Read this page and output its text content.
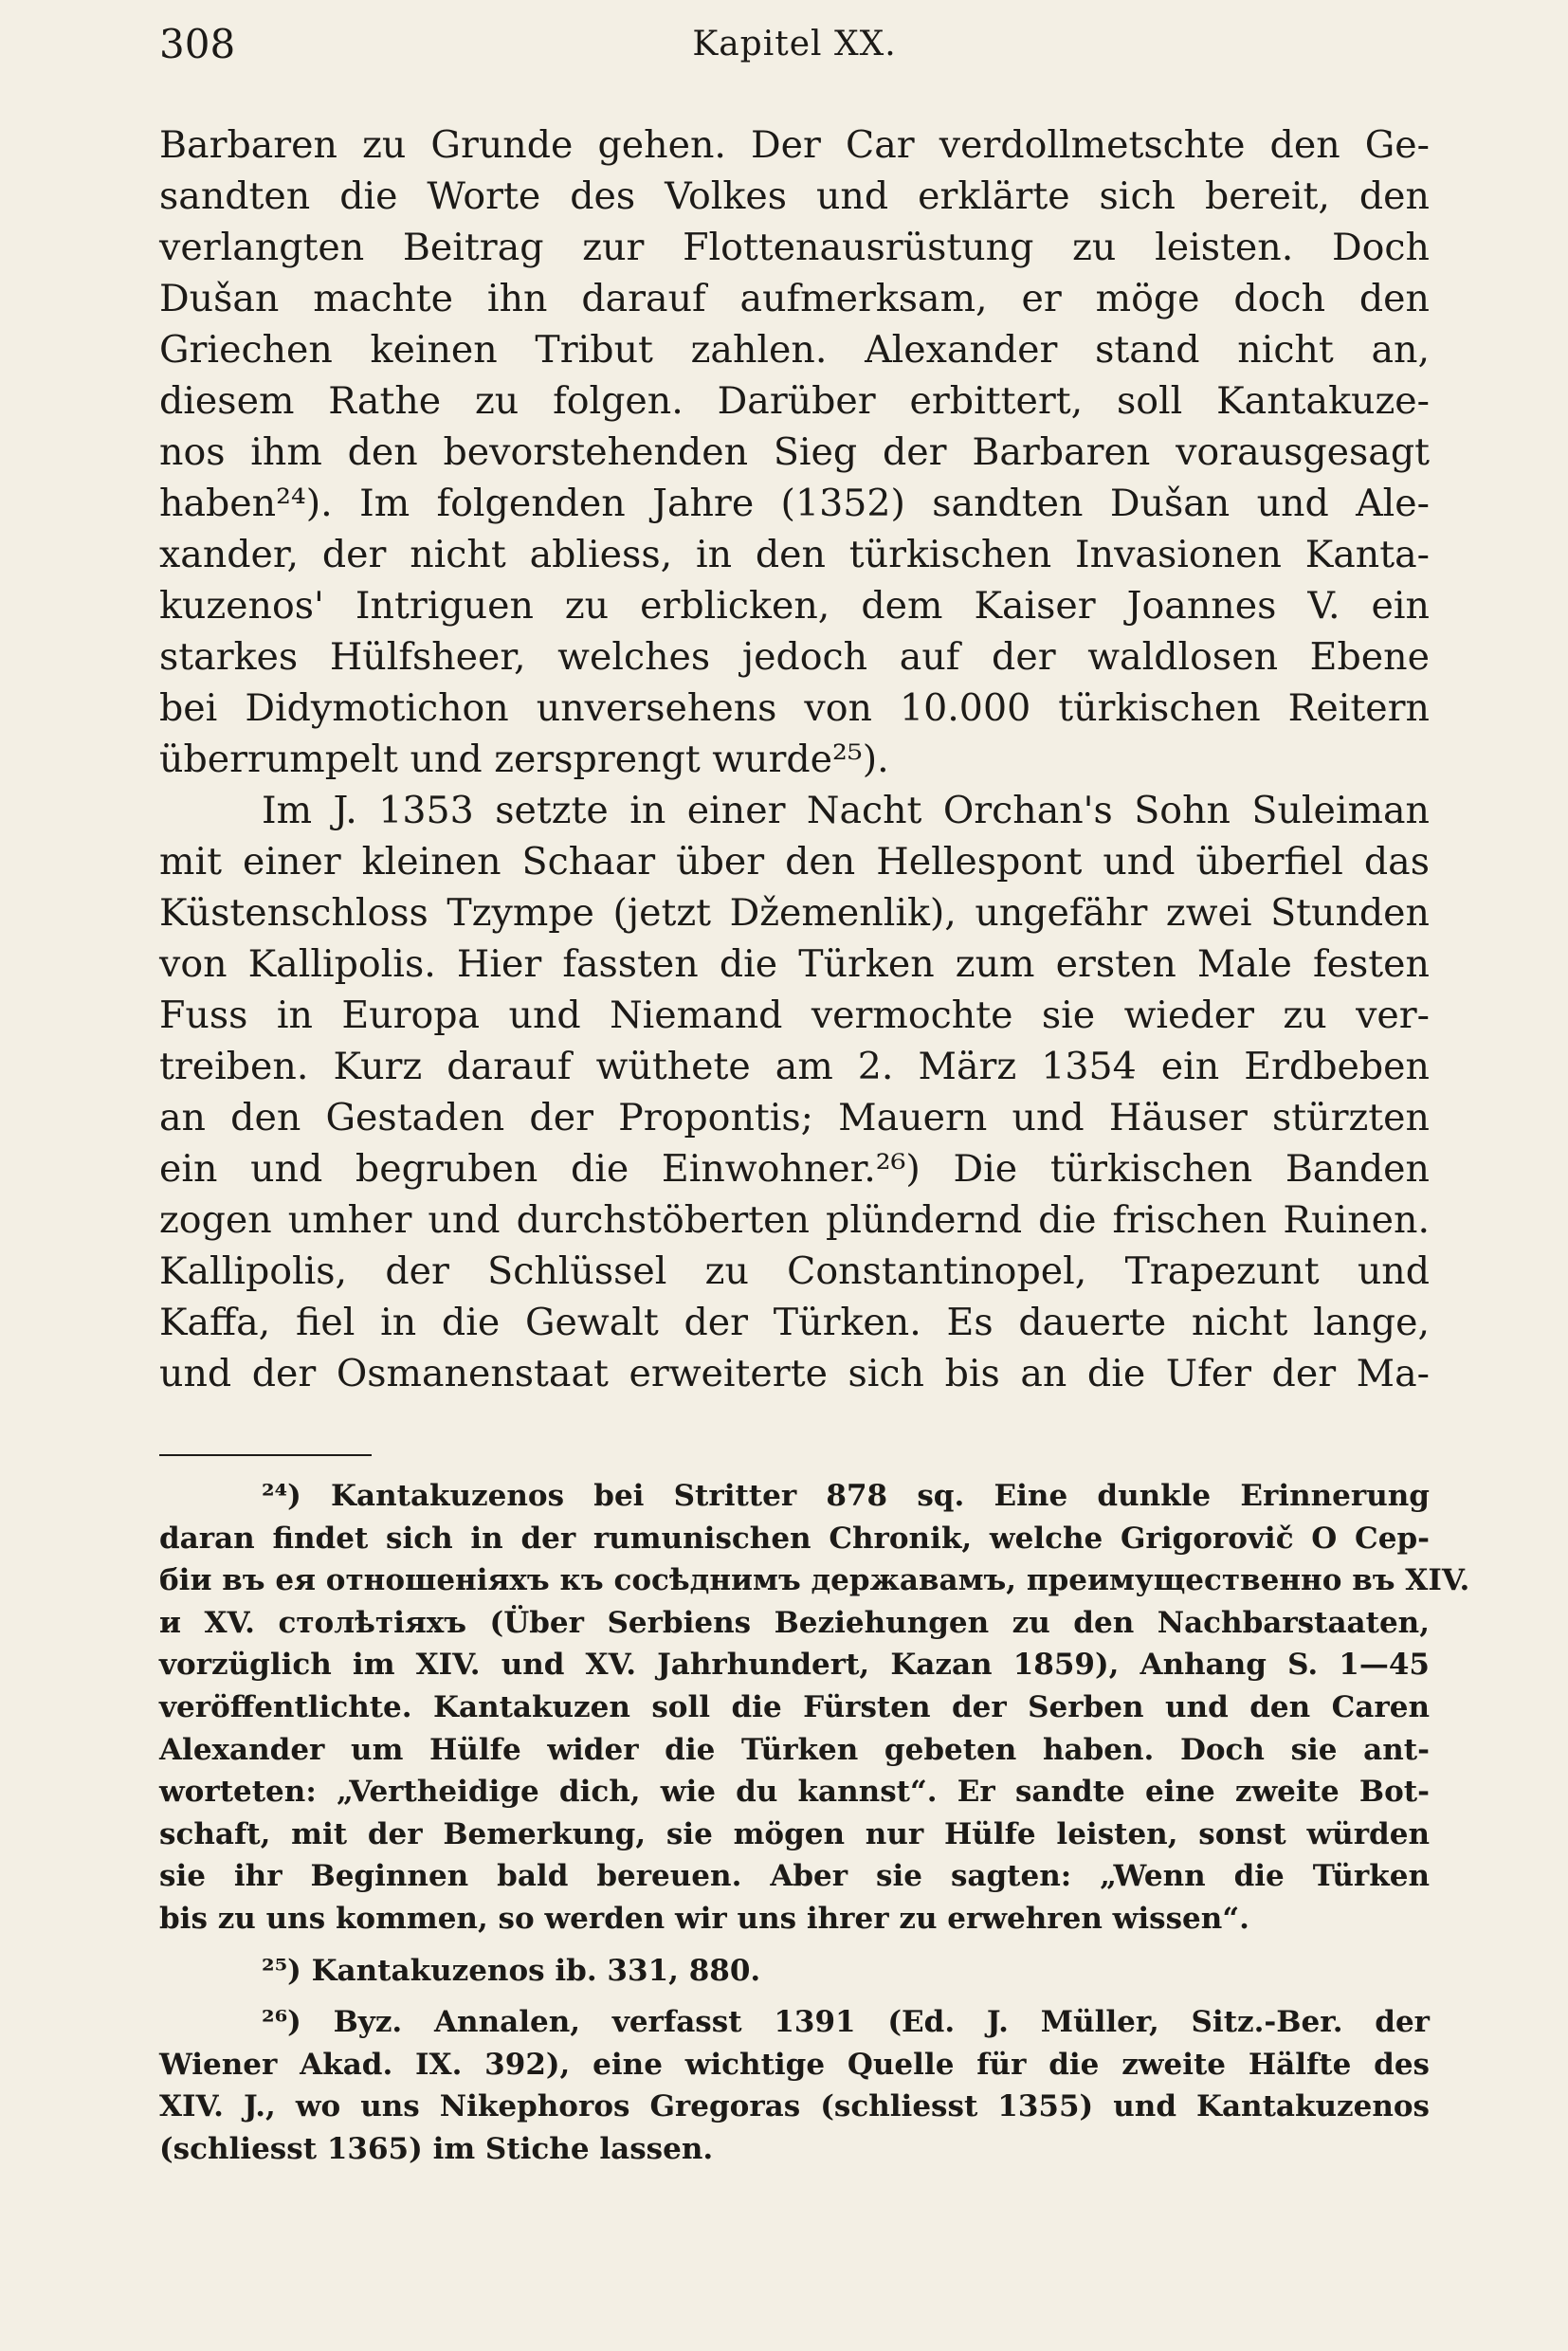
308	Kapitel XX.
Barbaren zu Grunde gehen. Der Car verdollmetschte den Ge-
sandten die Worte des Volkes und erklärte sich bereit, den
verlangten Beitrag zur Flottenausrüstung zu leisten. Doch
Dušan machte ihn darauf aufmerksam, er möge doch den
Griechen keinen Tribut zahlen. Alexander stand nicht an,
diesem Rathe zu folgen. Darüber erbittert, soll Kantakuze-
nos ihm den bevorstehenden Sieg der Barbaren vorausgesagt
haben²⁴). Im folgenden Jahre (1352) sandten Dušan und Ale-
xander, der nicht abliess, in den türkischen Invasionen Kanta-
kuzenos' Intriguen zu erblicken, dem Kaiser Joannes V. ein
starkes Hülfsheer, welches jedoch auf der waldlosen Ebene
bei Didymotichon unversehens von 10.000 türkischen Reitern
überrumpelt und zersprengt wurde²⁵).
Im J. 1353 setzte in einer Nacht Orchan's Sohn Suleiman
mit einer kleinen Schaar über den Hellespont und überfiel das
Küstenschloss Tzympe (jetzt Džemenlik), ungefähr zwei Stunden
von Kallipolis. Hier fassten die Türken zum ersten Male festen
Fuss in Europa und Niemand vermochte sie wieder zu ver-
treiben. Kurz darauf wüthete am 2. März 1354 ein Erdbeben
an den Gestaden der Propontis; Mauern und Häuser stürzten
ein und begruben die Einwohner.²⁶) Die türkischen Banden
zogen umher und durchstöberten plündernd die frischen Ruinen.
Kallipolis, der Schlüssel zu Constantinopel, Trapezunt und
Kaffa, fiel in die Gewalt der Türken. Es dauerte nicht lange,
und der Osmanenstaat erweiterte sich bis an die Ufer der Ma-
²⁴) Kantakuzenos bei Stritter 878 sq. Eine dunkle Erinnerung
daran findet sich in der rumunischen Chronik, welche Grigorovič O Cep-
біи въ ея отношеніяхъ къ сосѣднимъ державамъ, преимущественно въ XIV.
и XV. столѣтіяхъ (Über Serbiens Beziehungen zu den Nachbarstaaten,
vorzüglich im XIV. und XV. Jahrhundert, Kazan 1859), Anhang S. 1—45
veröffentlichte. Kantakuzen soll die Fürsten der Serben und den Caren
Alexander um Hülfe wider die Türken gebeten haben. Doch sie ant-
worteten: „Vertheidige dich, wie du kannst“. Er sandte eine zweite Bot-
schaft, mit der Bemerkung, sie mögen nur Hülfe leisten, sonst würden
sie ihr Beginnen bald bereuen. Aber sie sagten: „Wenn die Türken
bis zu uns kommen, so werden wir uns ihrer zu erwehren wissen“.
²⁵) Kantakuzenos ib. 331, 880.
²⁶) Byz. Annalen, verfasst 1391 (Ed. J. Müller, Sitz.-Ber. der
Wiener Akad. IX. 392), eine wichtige Quelle für die zweite Hälfte des
XIV. J., wo uns Nikephoros Gregoras (schliesst 1355) und Kantakuzenos
(schliesst 1365) im Stiche lassen.
